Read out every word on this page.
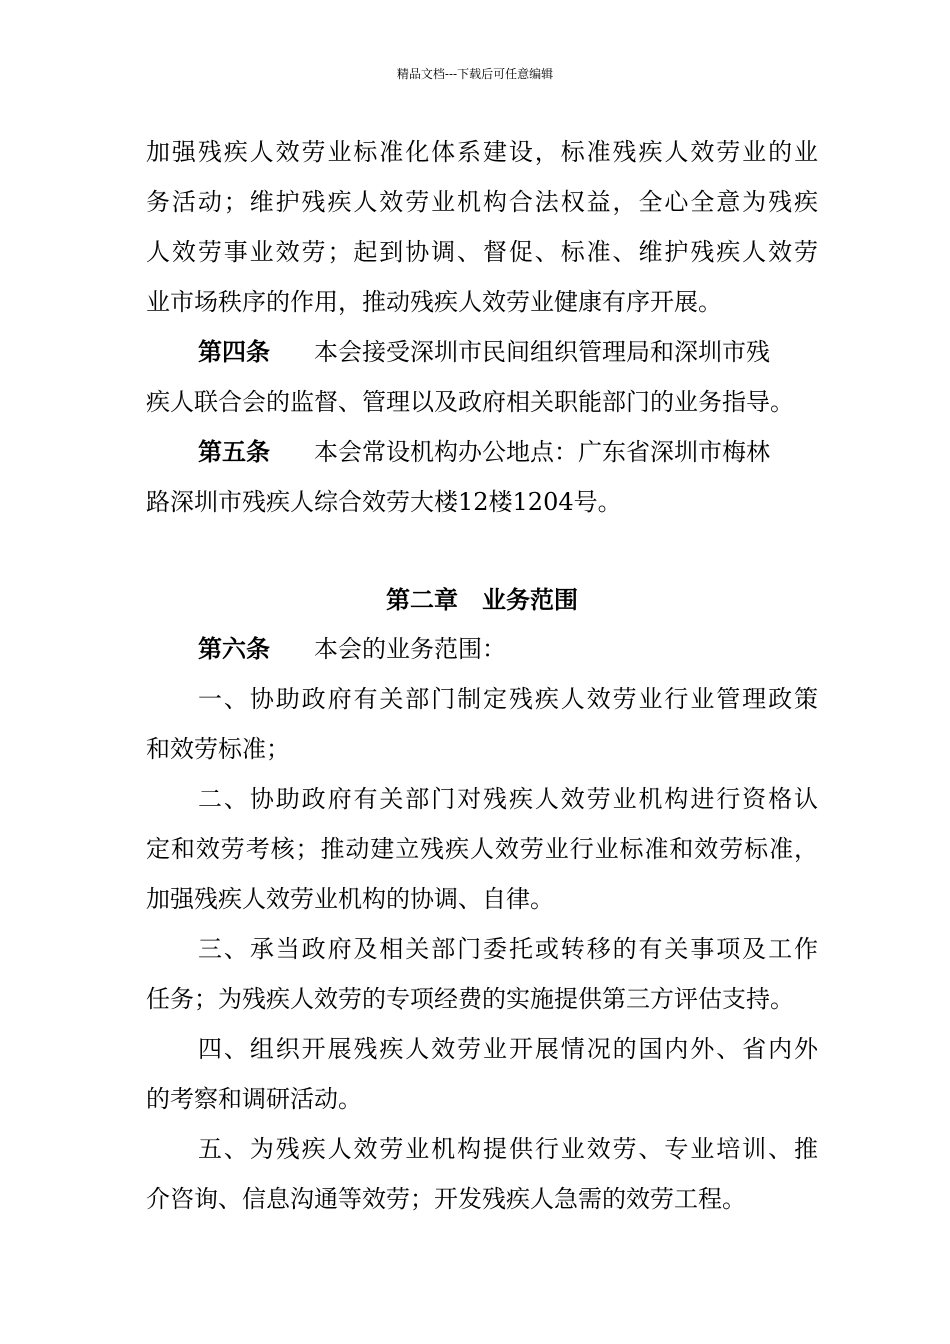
精品文档---下载后可任意编辑
加强残疾人效劳业标准化体系建设，标准残疾人效劳业的业
务活动；维护残疾人效劳业机构合法权益，全心全意为残疾
人效劳事业效劳；起到协调、督促、标准、维护残疾人效劳
业市场秩序的作用，推动残疾人效劳业健康有序开展。
第四条 本会接受深圳市民间组织管理局和深圳市残
疾人联合会的监督、管理以及政府相关职能部门的业务指导。
第五条 本会常设机构办公地点：广东省深圳市梅林
路深圳市残疾人综合效劳大楼12楼1204号。
第二章　业务范围
第六条 本会的业务范围：
一、协助政府有关部门制定残疾人效劳业行业管理政策
和效劳标准；
二、协助政府有关部门对残疾人效劳业机构进行资格认
定和效劳考核；推动建立残疾人效劳业行业标准和效劳标准，
加强残疾人效劳业机构的协调、自律。
三、承当政府及相关部门委托或转移的有关事项及工作
任务；为残疾人效劳的专项经费的实施提供第三方评估支持。
四、组织开展残疾人效劳业开展情况的国内外、省内外
的考察和调研活动。
五、为残疾人效劳业机构提供行业效劳、专业培训、推
介咨询、信息沟通等效劳；开发残疾人急需的效劳工程。
